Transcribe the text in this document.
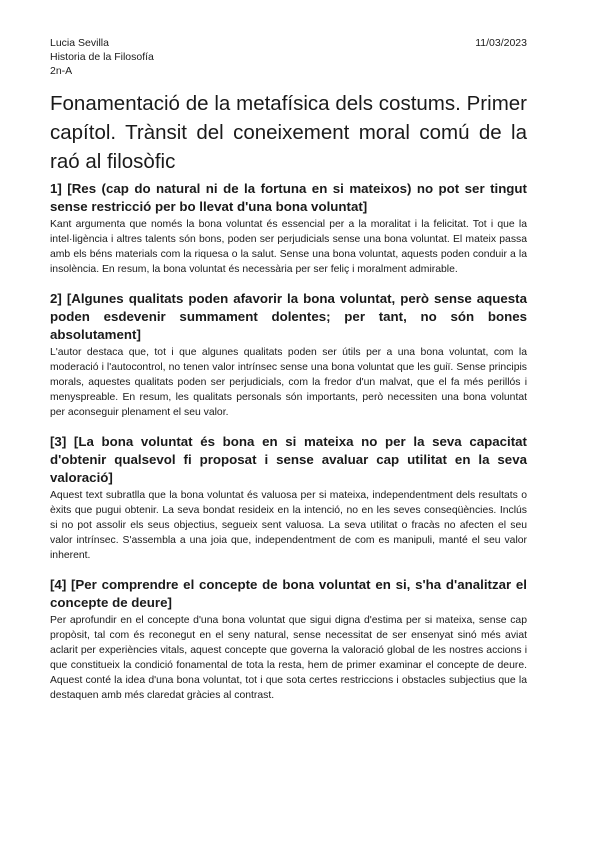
Lucia Sevilla
Historia de la Filosofía
2n-A
11/03/2023
Fonamentació de la metafísica dels costums. Primer capítol. Trànsit del coneixement moral comú de la raó al filosòfic
1] [Res (cap do natural ni de la fortuna en si mateixos) no pot ser tingut sense restricció per bo llevat d'una bona voluntat]

Kant argumenta que només la bona voluntat és essencial per a la moralitat i la felicitat. Tot i que la intel·ligència i altres talents són bons, poden ser perjudicials sense una bona voluntat. El mateix passa amb els béns materials com la riquesa o la salut. Sense una bona voluntat, aquests poden conduir a la insolència. En resum, la bona voluntat és necessària per ser feliç i moralment admirable.

2] [Algunes qualitats poden afavorir la bona voluntat, però sense aquesta poden esdevenir summament dolentes; per tant, no són bones absolutament]

L'autor destaca que, tot i que algunes qualitats poden ser útils per a una bona voluntat, com la moderació i l'autocontrol, no tenen valor intrínsec sense una bona voluntat que les guiï. Sense principis morals, aquestes qualitats poden ser perjudicials, com la fredor d'un malvat, que el fa més perillós i menyspreable. En resum, les qualitats personals són importants, però necessiten una bona voluntat per aconseguir plenament el seu valor.

[3] [La bona voluntat és bona en si mateixa no per la seva capacitat d'obtenir qualsevol fi proposat i sense avaluar cap utilitat en la seva valoració]

Aquest text subratlla que la bona voluntat és valuosa per si mateixa, independentment dels resultats o èxits que pugui obtenir. La seva bondat resideix en la intenció, no en les seves conseqüències. Inclús si no pot assolir els seus objectius, segueix sent valuosa. La seva utilitat o fracàs no afecten el seu valor intrínsec. S'assembla a una joia que, independentment de com es manipuli, manté el seu valor inherent.

[4] [Per comprendre el concepte de bona voluntat en si, s'ha d'analitzar el concepte de deure]

Per aprofundir en el concepte d'una bona voluntat que sigui digna d'estima per si mateixa, sense cap propòsit, tal com és reconegut en el seny natural, sense necessitat de ser ensenyat sinó més aviat aclarit per experiències vitals, aquest concepte que governa la valoració global de les nostres accions i que constitueix la condició fonamental de tota la resta, hem de primer examinar el concepte de deure. Aquest conté la idea d'una bona voluntat, tot i que sota certes restriccions i obstacles subjectius que la destaquen amb més claredat gràcies al contrast.
